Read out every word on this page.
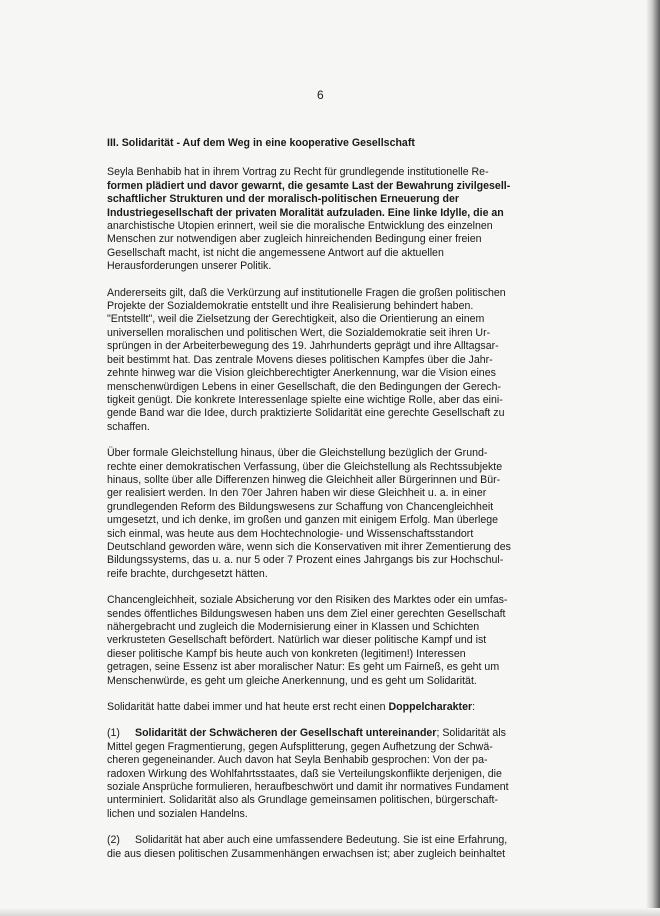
6
III. Solidarität - Auf dem Weg in eine kooperative Gesellschaft

Seyla Benhabib hat in ihrem Vortrag zu Recht für grundlegende institutionelle Re-
formen plädiert und davor gewarnt, die gesamte Last der Bewahrung zivilgesell-
schaftlicher Strukturen und der moralisch-politischen Erneuerung der
Industriegesellschaft der privaten Moralität aufzuladen. Eine linke Idylle, die an
anarchistische Utopien erinnert, weil sie die moralische Entwicklung des einzelnen
Menschen zur notwendigen aber zugleich hinreichenden Bedingung einer freien
Gesellschaft macht, ist nicht die angemessene Antwort auf die aktuellen
Herausforderungen unserer Politik.

Andererseits gilt, daß die Verkürzung auf institutionelle Fragen die großen politischen
Projekte der Sozialdemokratie entstellt und ihre Realisierung behindert haben.
"Entstellt", weil die Zielsetzung der Gerechtigkeit, also die Orientierung an einem
universellen moralischen und politischen Wert, die Sozialdemokratie seit ihren Ur-
sprüngen in der Arbeiterbewegung des 19. Jahrhunderts geprägt und ihre Alltagsar-
beit bestimmt hat. Das zentrale Movens dieses politischen Kampfes über die Jahr-
zehnte hinweg war die Vision gleichberechtigter Anerkennung, war die Vision eines
menschenwürdigen Lebens in einer Gesellschaft, die den Bedingungen der Gerech-
tigkeit genügt. Die konkrete Interessenlage spielte eine wichtige Rolle, aber das eini-
gende Band war die Idee, durch praktizierte Solidarität eine gerechte Gesellschaft zu
schaffen.

Über formale Gleichstellung hinaus, über die Gleichstellung bezüglich der Grund-
rechte einer demokratischen Verfassung, über die Gleichstellung als Rechtssubjekte
hinaus, sollte über alle Differenzen hinweg die Gleichheit aller Bürgerinnen und Bür-
ger realisiert werden. In den 70er Jahren haben wir diese Gleichheit u. a. in einer
grundlegenden Reform des Bildungswesens zur Schaffung von Chancengleichheit
umgesetzt, und ich denke, im großen und ganzen mit einigem Erfolg. Man überlege
sich einmal, was heute aus dem Hochtechnologie- und Wissenschaftsstandort
Deutschland geworden wäre, wenn sich die Konservativen mit ihrer Zementierung des
Bildungssystems, das u. a. nur 5 oder 7 Prozent eines Jahrgangs bis zur Hochschul-
reife brachte, durchgesetzt hätten.

Chancengleichheit, soziale Absicherung vor den Risiken des Marktes oder ein umfas-
sendes öffentliches Bildungswesen haben uns dem Ziel einer gerechten Gesellschaft
nähergebracht und zugleich die Modernisierung einer in Klassen und Schichten
verkrusteten Gesellschaft befördert. Natürlich war dieser politische Kampf und ist
dieser politische Kampf bis heute auch von konkreten (legitimen!) Interessen
getragen, seine Essenz ist aber moralischer Natur: Es geht um Fairneß, es geht um
Menschenwürde, es geht um gleiche Anerkennung, und es geht um Solidarität.

Solidarität hatte dabei immer und hat heute erst recht einen Doppelcharakter:

(1) Solidarität der Schwächeren der Gesellschaft untereinander; Solidarität als
Mittel gegen Fragmentierung, gegen Aufsplitterung, gegen Aufhetzung der Schwä-
cheren gegeneinander. Auch davon hat Seyla Benhabib gesprochen: Von der pa-
radoxen Wirkung des Wohlfahrtsstaates, daß sie Verteilungskonflikte derjenigen, die
soziale Ansprüche formulieren, heraufbeschwört und damit ihr normatives Fundament
unterminiert. Solidarität also als Grundlage gemeinsamen politischen, bürgerschaft-
lichen und sozialen Handelns.

(2) Solidarität hat aber auch eine umfassendere Bedeutung. Sie ist eine Erfahrung,
die aus diesen politischen Zusammenhängen erwachsen ist; aber zugleich beinhaltet
